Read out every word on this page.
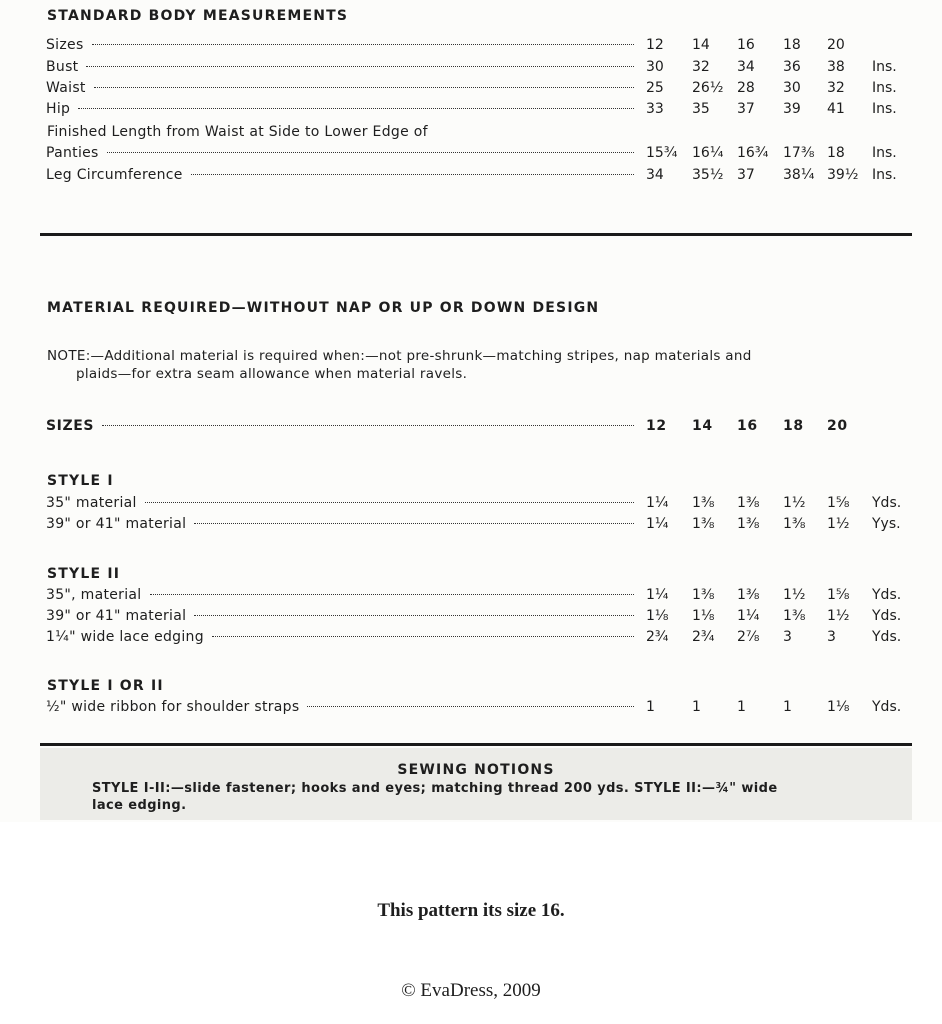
STANDARD BODY MEASUREMENTS
Sizes	12 14 16 18 20
Bust	30 32 34 36 38 Ins.
Waist	25 26½ 28 30 32 Ins.
Hip	33 35 37 39 41 Ins.
Finished Length from Waist at Side to Lower Edge of
Panties	15¾ 16¼ 16¾ 17⅜ 18 Ins.
Leg Circumference	34 35½ 37 38¼ 39½ Ins.
MATERIAL REQUIRED—WITHOUT NAP OR UP OR DOWN DESIGN
NOTE:—Additional material is required when:—not pre-shrunk—matching stripes, nap materials and
plaids—for extra seam allowance when material ravels.
SIZES	12 14 16 18 20
STYLE I
35" material	1¼ 1⅜ 1⅜ 1½ 1⅝ Yds.
39" or 41" material	1¼ 1⅜ 1⅜ 1⅜ 1½ Yys.
STYLE II
35", material	1¼ 1⅜ 1⅜ 1½ 1⅝ Yds.
39" or 41" material	1⅛ 1⅛ 1¼ 1⅜ 1½ Yds.
1¼" wide lace edging	2¾ 2¾ 2⅞ 3	3	Yds.
STYLE I OR II
½" wide ribbon for shoulder straps	1	1	1	1	1⅛ Yds.
SEWING NOTIONS
STYLE I-II:—slide fastener; hooks and eyes; matching thread 200 yds. STYLE II:—¾" wide
lace edging.
This pattern its size 16.
© EvaDress, 2009
